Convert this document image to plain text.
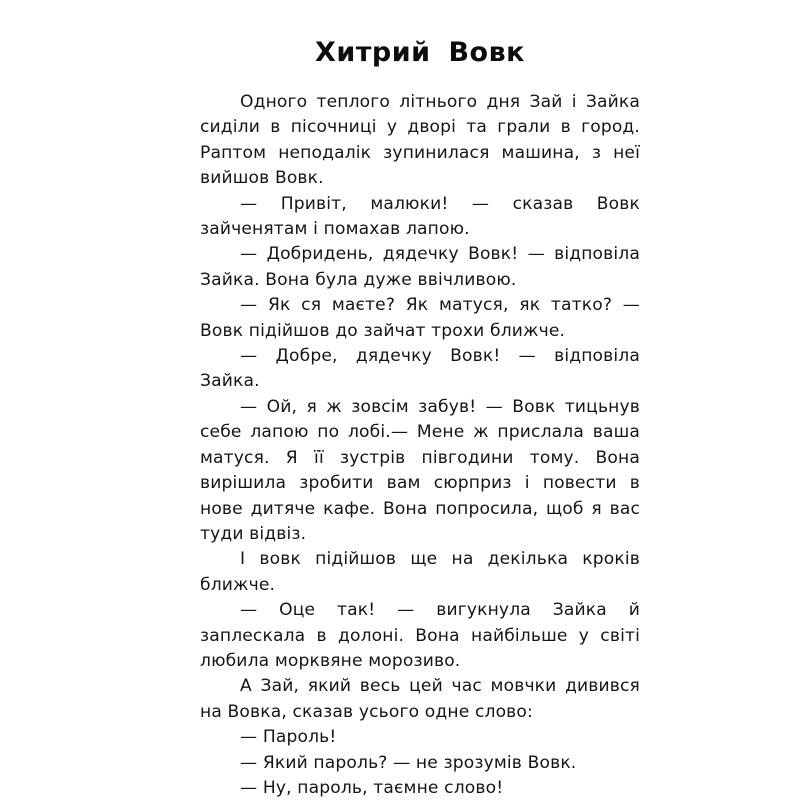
Хитрий Вовк

Одного теплого літнього дня Зай і Зайка сиділи в пісочниці у дворі та грали в город. Раптом неподалік зупинилася машина, з неї вийшов Вовк.

— Привіт, малюки! — сказав Вовк зайченятам і помахав лапою.

— Добридень, дядечку Вовк! — відповіла Зайка. Вона була дуже ввічливою.

— Як ся маєте? Як матуся, як татко? — Вовк підійшов до зайчат трохи ближче.

— Добре, дядечку Вовк! — відповіла Зайка.

— Ой, я ж зовсім забув! — Вовк тицьнув себе лапою по лобі.— Мене ж прислала ваша матуся. Я її зустрів півгодини тому. Вона вирішила зробити вам сюрприз і повести в нове дитяче кафе. Вона попросила, щоб я вас туди відвіз.

І вовк підійшов ще на декілька кроків ближче.

— Оце так! — вигукнула Зайка й заплескала в долоні. Вона найбільше у світі любила морквяне морозиво.

А Зай, який весь цей час мовчки дивився на Вовка, сказав усього одне слово:

— Пароль!

— Який пароль? — не зрозумів Вовк.

— Ну, пароль, таємне слово!
